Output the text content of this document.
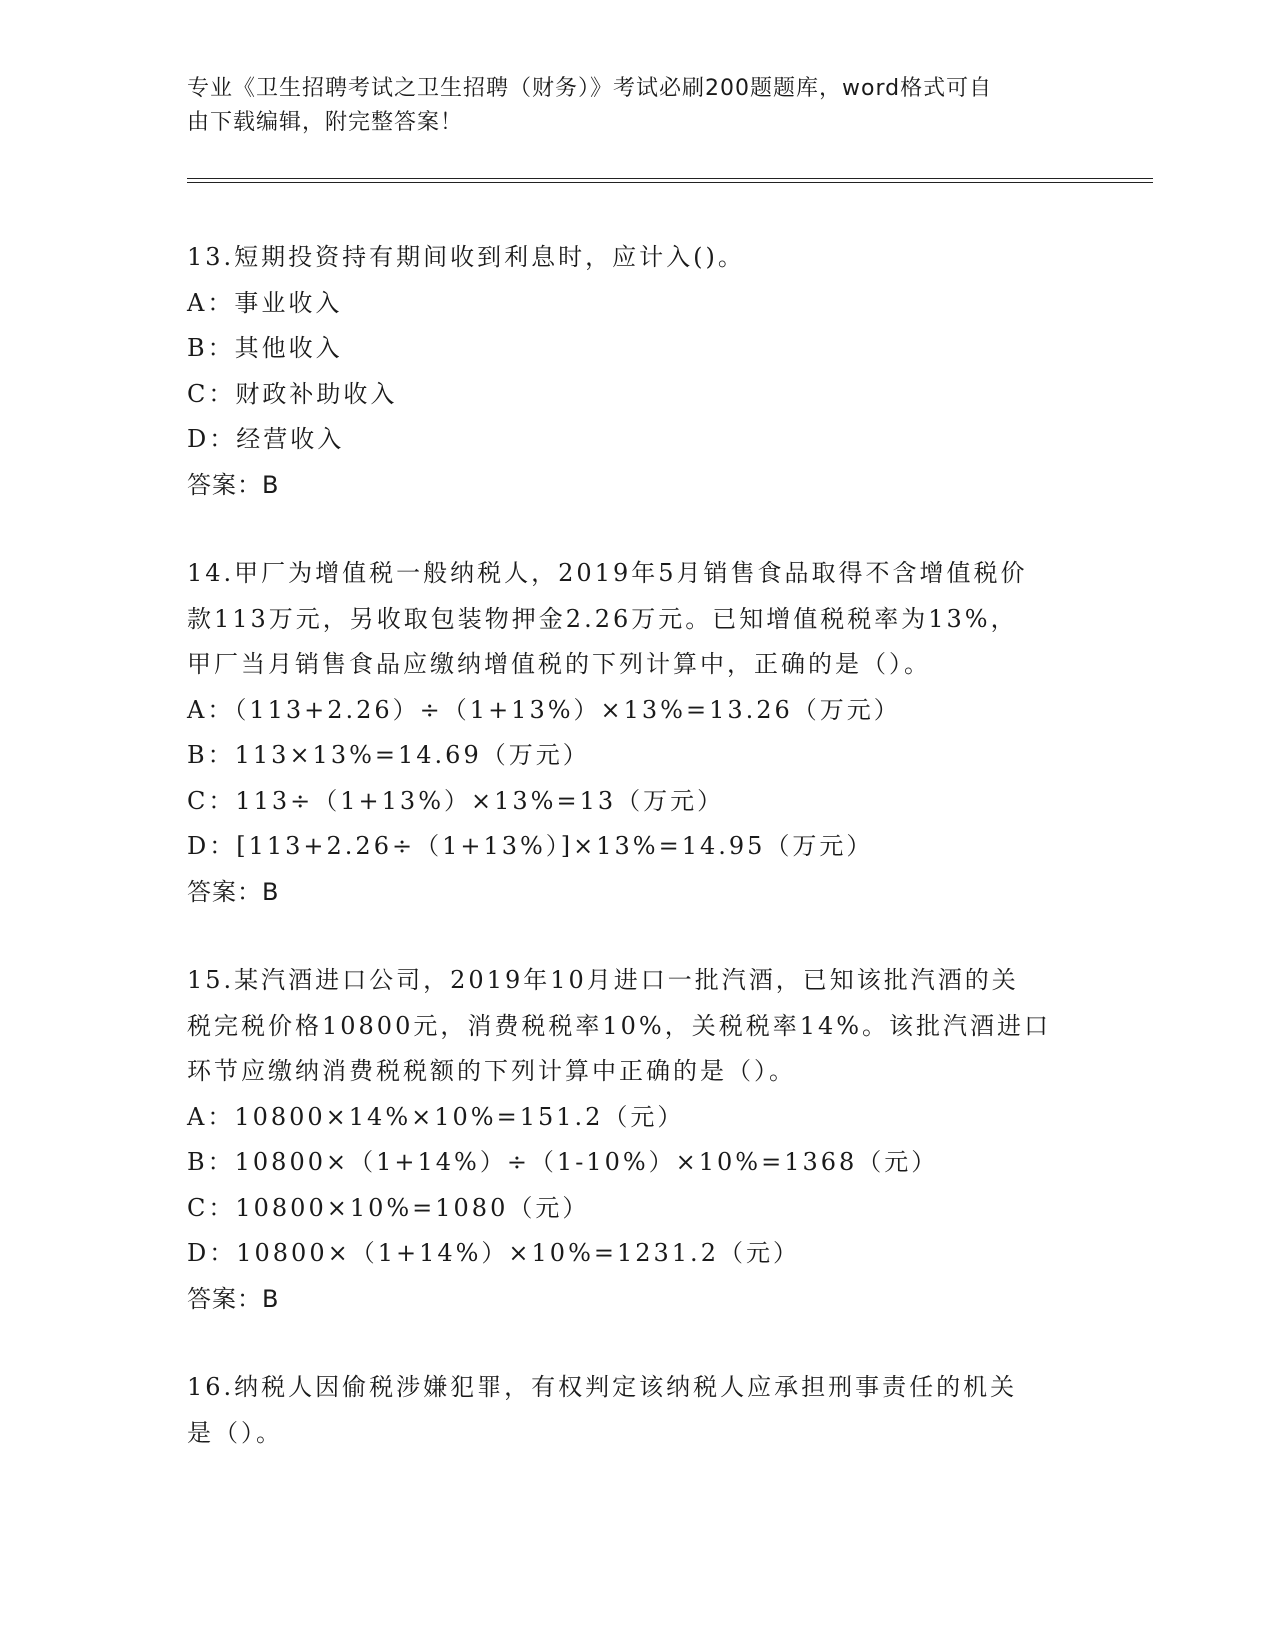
专业《卫生招聘考试之卫生招聘（财务）》考试必刷200题题库，word格式可自
由下载编辑，附完整答案！
13.短期投资持有期间收到利息时，应计入()。
A：事业收入
B：其他收入
C：财政补助收入
D：经营收入
答案：B
14.甲厂为增值税一般纳税人，2019年5月销售食品取得不含增值税价
款113万元，另收取包装物押金2.26万元。已知增值税税率为13%，
甲厂当月销售食品应缴纳增值税的下列计算中，正确的是（）。
A：（113+2.26）÷（1+13%）×13%=13.26（万元）
B：113×13%=14.69（万元）
C：113÷（1+13%）×13%=13（万元）
D：[113+2.26÷（1+13%）]×13%=14.95（万元）
答案：B
15.某汽酒进口公司，2019年10月进口一批汽酒，已知该批汽酒的关
税完税价格10800元，消费税税率10%，关税税率14%。该批汽酒进口
环节应缴纳消费税税额的下列计算中正确的是（）。
A：10800×14%×10%=151.2（元）
B：10800×（1+14%）÷（1-10%）×10%=1368（元）
C：10800×10%=1080（元）
D：10800×（1+14%）×10%=1231.2（元）
答案：B
16.纳税人因偷税涉嫌犯罪，有权判定该纳税人应承担刑事责任的机关
是（）。
